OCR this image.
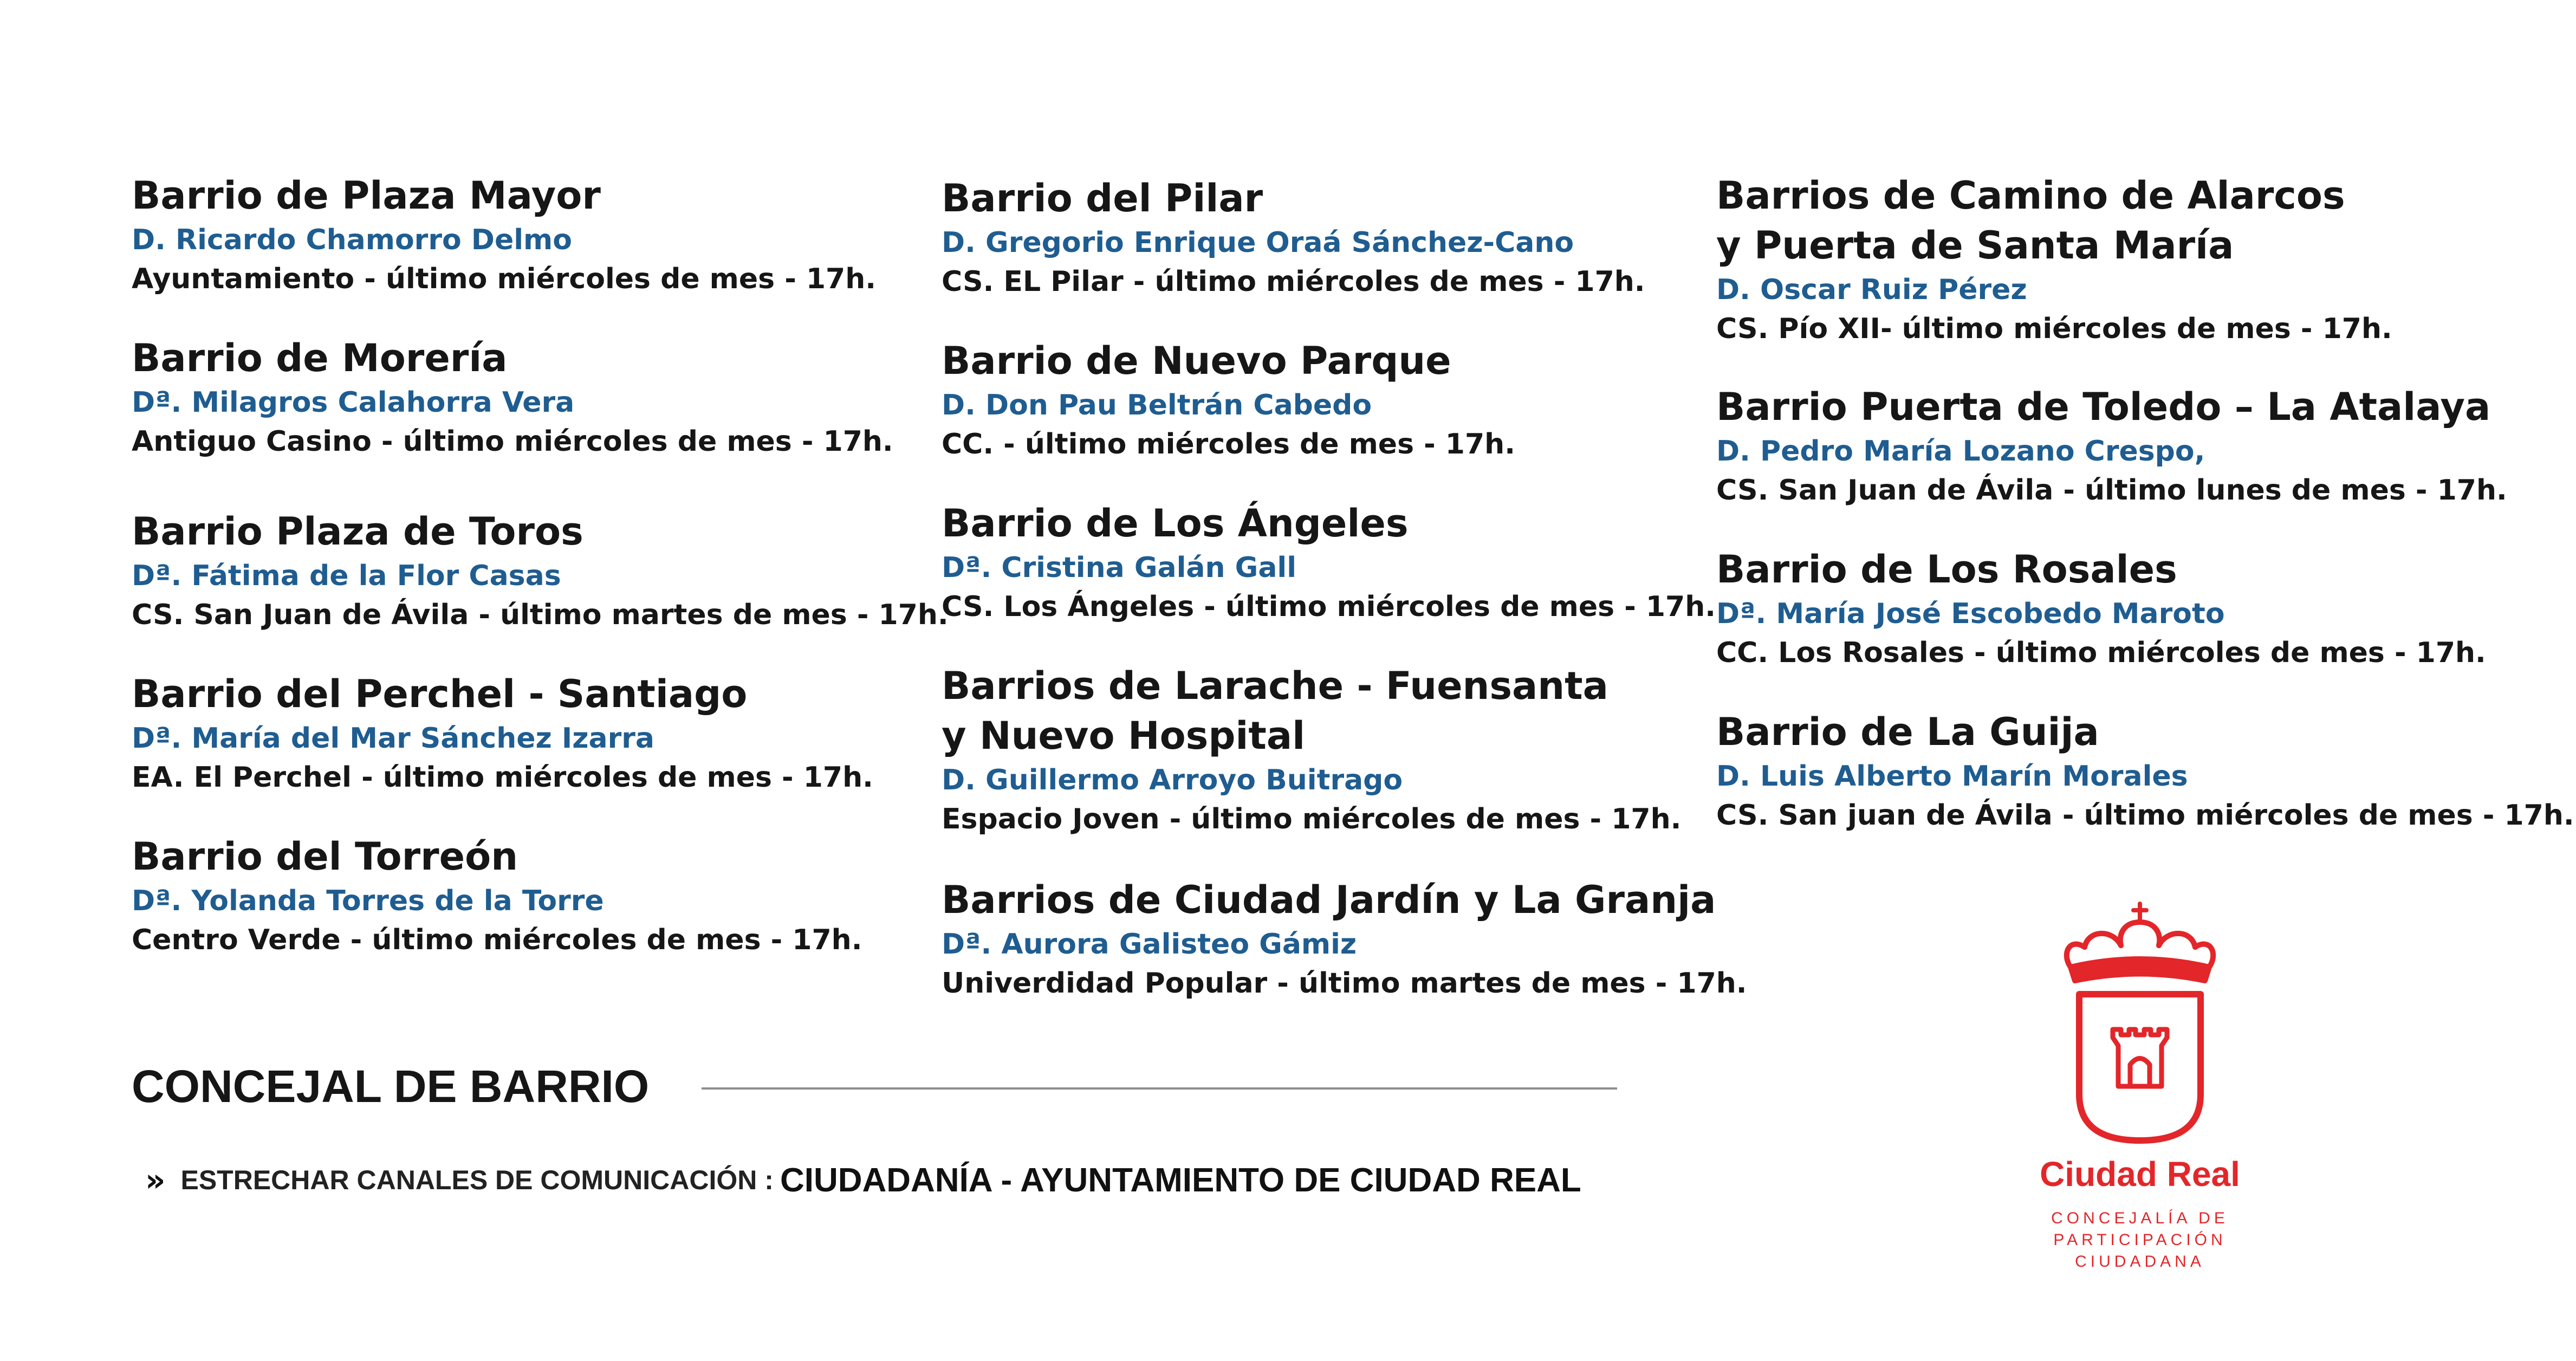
Barrio de Plaza Mayor
D. Ricardo Chamorro Delmo
Ayuntamiento - último miércoles de mes - 17h.
Barrio de Morería
Dª. Milagros Calahorra Vera
Antiguo Casino - último miércoles de mes - 17h.
Barrio Plaza de Toros
Dª. Fátima de la Flor Casas
CS. San Juan de Ávila - último martes de mes - 17h.
Barrio del Perchel - Santiago
Dª. María del Mar Sánchez Izarra
EA. El Perchel - último miércoles de mes - 17h.
Barrio del Torreón
Dª. Yolanda Torres de la Torre
Centro Verde - último miércoles de mes - 17h.
Barrio del Pilar
D. Gregorio Enrique Oraá Sánchez-Cano
CS. EL Pilar - último miércoles de mes - 17h.
Barrio de Nuevo Parque
D. Don Pau Beltrán Cabedo
CC. - último miércoles de mes - 17h.
Barrio de Los Ángeles
Dª. Cristina Galán Gall
CS. Los Ángeles - último miércoles de mes - 17h.
Barrios de Larache - Fuensanta
y Nuevo Hospital
D. Guillermo Arroyo Buitrago
Espacio Joven - último miércoles de mes - 17h.
Barrios de Ciudad Jardín y La Granja
Dª. Aurora Galisteo Gámiz
Univerdidad Popular - último martes de mes - 17h.
Barrios de Camino de Alarcos
y Puerta de Santa María
D. Oscar Ruiz Pérez
CS. Pío XII- último miércoles de mes - 17h.
Barrio Puerta de Toledo – La Atalaya
D. Pedro María Lozano Crespo,
CS. San Juan de Ávila - último lunes de mes - 17h.
Barrio de Los Rosales
Dª. María José Escobedo Maroto
CC. Los Rosales - último miércoles de mes - 17h.
Barrio de La Guija
D. Luis Alberto Marín Morales
CS. San juan de Ávila - último miércoles de mes - 17h.
CONCEJAL DE BARRIO
» ESTRECHAR CANALES DE COMUNICACIÓN : CIUDADANÍA - AYUNTAMIENTO DE CIUDAD REAL	Ciudad Real
CONCEJALÍA DE
PARTICIPACIÓN
CIUDADANA
